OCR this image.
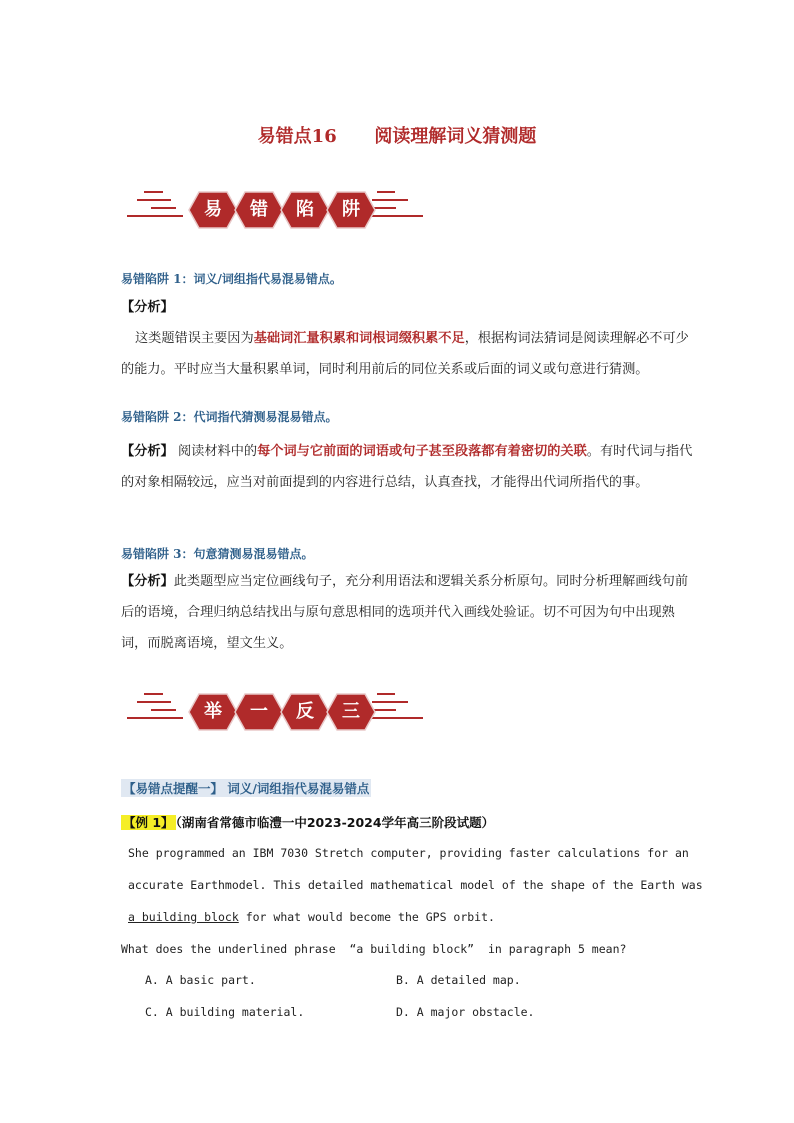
易错点16      阅读理解词义猜测题
易	错	陷	阱
易错陷阱 1：词义/词组指代易混易错点。
【分析】
这类题错误主要因为基础词汇量积累和词根词缀积累不足，根据构词法猜词是阅读理解必不可少的能力。平时应当大量积累单词，同时利用前后的同位关系或后面的词义或句意进行猜测。
易错陷阱 2：代词指代猜测易混易错点。
【分析】 阅读材料中的每个词与它前面的词语或句子甚至段落都有着密切的关联。有时代词与指代的对象相隔较远，应当对前面提到的内容进行总结，认真查找，才能得出代词所指代的事。
易错陷阱 3：句意猜测易混易错点。
【分析】此类题型应当定位画线句子，充分利用语法和逻辑关系分析原句。同时分析理解画线句前后的语境，合理归纳总结找出与原句意思相同的选项并代入画线处验证。切不可因为句中出现熟词，而脱离语境，望文生义。
举	一	反	三
【易错点提醒一】 词义/词组指代易混易错点
【例 1】 （湖南省常德市临澧一中2023-2024学年高三阶段试题）
She programmed an IBM 7030 Stretch computer, providing faster calculations for an
accurate Earthmodel. This detailed mathematical model of the shape of the Earth was
a building block for what would become the GPS orbit.
What does the underlined phrase  “a building block”  in paragraph 5 mean?
A. A basic part.	B. A detailed map.
C. A building material.	D. A major obstacle.
